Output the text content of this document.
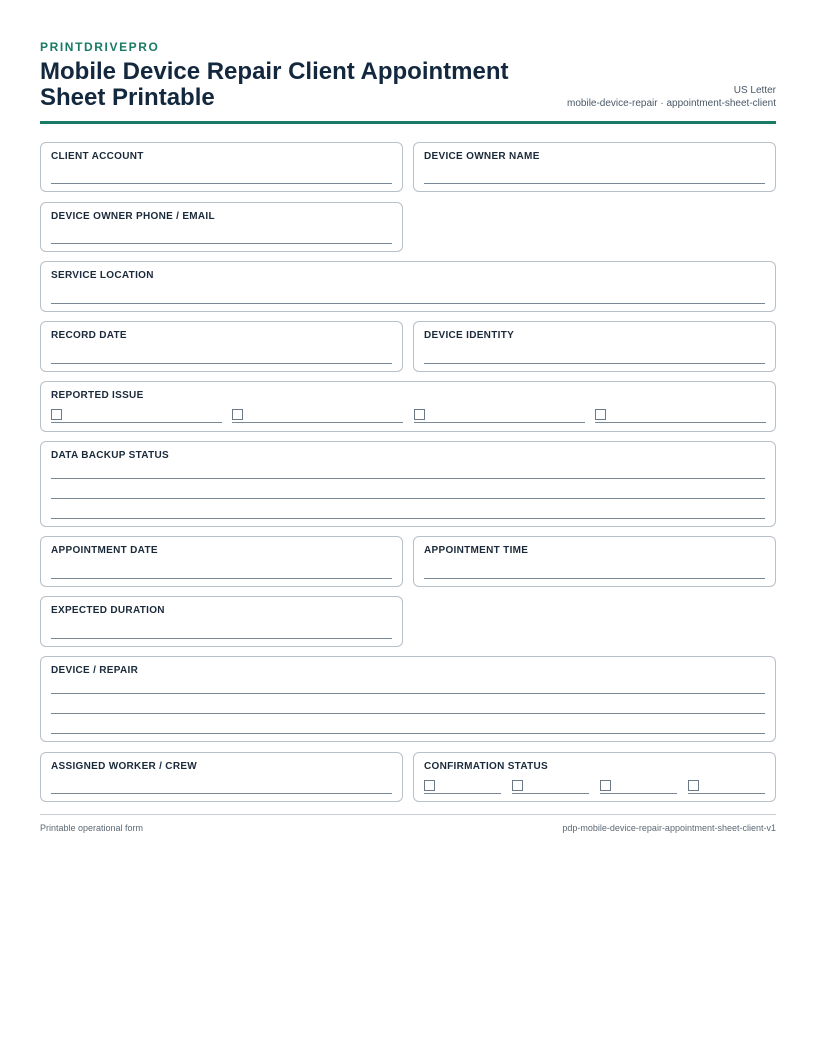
PRINTDRIVEPRO

Mobile Device Repair Client Appointment Sheet Printable	US Letter
mobile-device-repair · appointment-sheet-client
CLIENT ACCOUNT	DEVICE OWNER NAME
DEVICE OWNER PHONE / EMAIL
SERVICE LOCATION
RECORD DATE	DEVICE IDENTITY
REPORTED ISSUE
DATA BACKUP STATUS
APPOINTMENT DATE	APPOINTMENT TIME
EXPECTED DURATION
DEVICE / REPAIR
ASSIGNED WORKER / CREW	CONFIRMATION STATUS
Printable operational form	pdp-mobile-device-repair-appointment-sheet-client-v1
